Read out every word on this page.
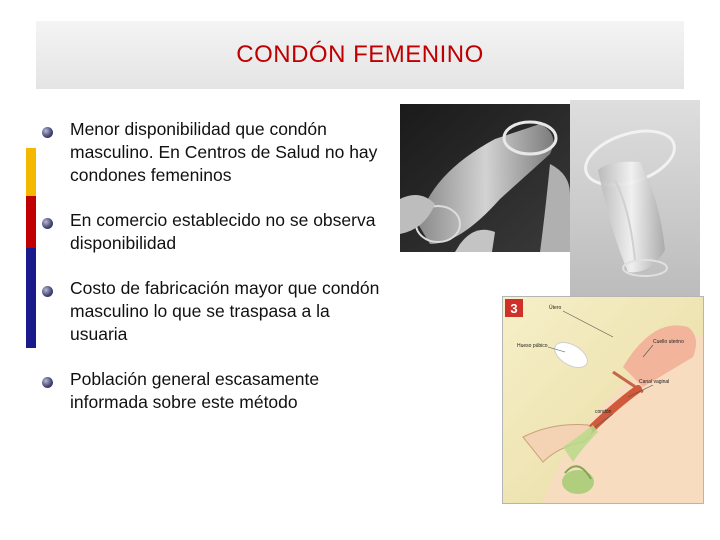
CONDÓN FEMENINO
Menor disponibilidad que condón masculino. En Centros de Salud no hay condones femeninos
En comercio establecido no se observa disponibilidad
Costo de fabricación mayor que condón masculino lo que se traspasa a la usuaria
Población general escasamente informada sobre este método
3	Útero
Hueso púbico
Cuello uterino
Canal vaginal
condón
